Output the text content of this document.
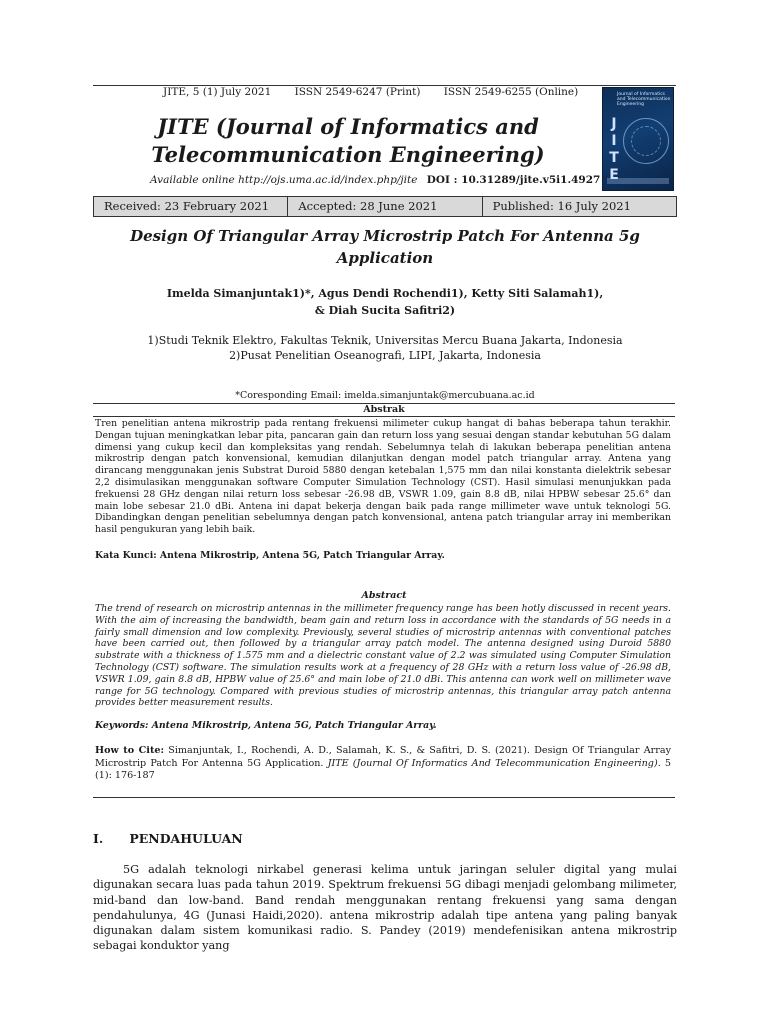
JITE, 5 (1) July 2021 ISSN 2549-6247 (Print) ISSN 2549-6255 (Online)	Journal of Informatics and Telecommunication Engineering
JITE
JITE (Journal of Informatics and Telecommunication Engineering)
Available online http://ojs.uma.ac.id/index.php/jite DOI : 10.31289/jite.v5i1.4927
Received: 23 February 2021	Accepted: 28 June 2021	Published: 16 July 2021
Design Of Triangular Array Microstrip Patch For Antenna 5g Application
Imelda Simanjuntak1)*, Agus Dendi Rochendi1), Ketty Siti Salamah1),
& Diah Sucita Safitri2)
1)Studi Teknik Elektro, Fakultas Teknik, Universitas Mercu Buana Jakarta, Indonesia
2)Pusat Penelitian Oseanografi, LIPI, Jakarta, Indonesia
*Coresponding Email: imelda.simanjuntak@mercubuana.ac.id
Abstrak
Tren penelitian antena mikrostrip pada rentang frekuensi milimeter cukup hangat di bahas beberapa tahun terakhir. Dengan tujuan meningkatkan lebar pita, pancaran gain dan return loss yang sesuai dengan standar kebutuhan 5G dalam dimensi yang cukup kecil dan kompleksitas yang rendah. Sebelumnya telah di lakukan beberapa penelitian antena mikrostrip dengan patch konvensional, kemudian dilanjutkan dengan model patch triangular array. Antena yang dirancang menggunakan jenis Substrat Duroid 5880 dengan ketebalan 1,575 mm dan nilai konstanta dielektrik sebesar 2,2 disimulasikan menggunakan software Computer Simulation Technology (CST). Hasil simulasi menunjukkan pada frekuensi 28 GHz dengan nilai return loss sebesar -26.98 dB, VSWR 1.09, gain 8.8 dB, nilai HPBW sebesar 25.6° dan main lobe sebesar 21.0 dBi. Antena ini dapat bekerja dengan baik pada range millimeter wave untuk teknologi 5G. Dibandingkan dengan penelitian sebelumnya dengan patch konvensional, antena patch triangular array ini memberikan hasil pengukuran yang lebih baik.
Kata Kunci: Antena Mikrostrip, Antena 5G, Patch Triangular Array.
Abstract
The trend of research on microstrip antennas in the millimeter frequency range has been hotly discussed in recent years. With the aim of increasing the bandwidth, beam gain and return loss in accordance with the standards of 5G needs in a fairly small dimension and low complexity. Previously, several studies of microstrip antennas with conventional patches have been carried out, then followed by a triangular array patch model. The antenna designed using Duroid 5880 substrate with a thickness of 1.575 mm and a dielectric constant value of 2.2 was simulated using Computer Simulation Technology (CST) software. The simulation results work at a frequency of 28 GHz with a return loss value of -26.98 dB, VSWR 1.09, gain 8.8 dB, HPBW value of 25.6° and main lobe of 21.0 dBi. This antenna can work well on millimeter wave range for 5G technology. Compared with previous studies of microstrip antennas, this triangular array patch antenna provides better measurement results.
Keywords: Antena Mikrostrip, Antena 5G, Patch Triangular Array.
How to Cite: Simanjuntak, I., Rochendi, A. D., Salamah, K. S., & Safitri, D. S. (2021). Design Of Triangular Array Microstrip Patch For Antenna 5G Application. JITE (Journal Of Informatics And Telecommunication Engineering). 5 (1): 176-187
I. PENDAHULUAN
5G adalah teknologi nirkabel generasi kelima untuk jaringan seluler digital yang mulai digunakan secara luas pada tahun 2019. Spektrum frekuensi 5G dibagi menjadi gelombang milimeter, mid-band dan low-band. Band rendah menggunakan rentang frekuensi yang sama dengan pendahulunya, 4G (Junasi Haidi,2020). antena mikrostrip adalah tipe antena yang paling banyak digunakan dalam sistem komunikasi radio. S. Pandey (2019) mendefenisikan antena mikrostrip sebagai konduktor yang
